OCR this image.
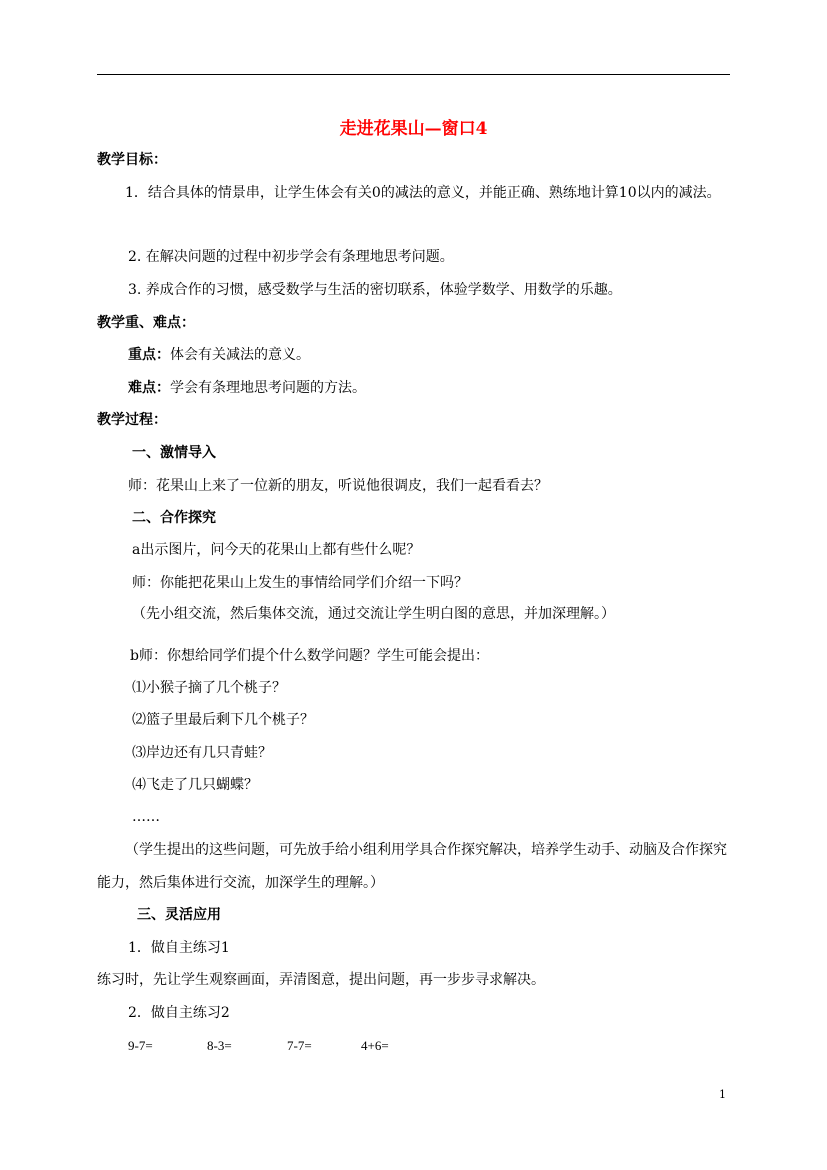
走进花果山—窗口4
教学目标：
1．结合具体的情景串，让学生体会有关0的减法的意义，并能正确、熟练地计算10以内的减法。
2. 在解决问题的过程中初步学会有条理地思考问题。
3. 养成合作的习惯，感受数学与生活的密切联系，体验学数学、用数学的乐趣。
教学重、难点：
重点：体会有关减法的意义。
难点：学会有条理地思考问题的方法。
教学过程：
一、激情导入
师：花果山上来了一位新的朋友，听说他很调皮，我们一起看看去？
二、合作探究
a出示图片，问今天的花果山上都有些什么呢？
师：你能把花果山上发生的事情给同学们介绍一下吗？
（先小组交流，然后集体交流，通过交流让学生明白图的意思，并加深理解。）
b师：你想给同学们提个什么数学问题？学生可能会提出：
⑴小猴子摘了几个桃子？
⑵篮子里最后剩下几个桃子？
⑶岸边还有几只青蛙？
⑷飞走了几只蝴蝶？
……
（学生提出的这些问题，可先放手给小组利用学具合作探究解决，培养学生动手、动脑及合作探究能力，然后集体进行交流，加深学生的理解。）
三、灵活应用
1．做自主练习1
练习时，先让学生观察画面，弄清图意，提出问题，再一步步寻求解决。
2．做自主练习2
9-7=	8-3=	7-7=	4+6=
1
